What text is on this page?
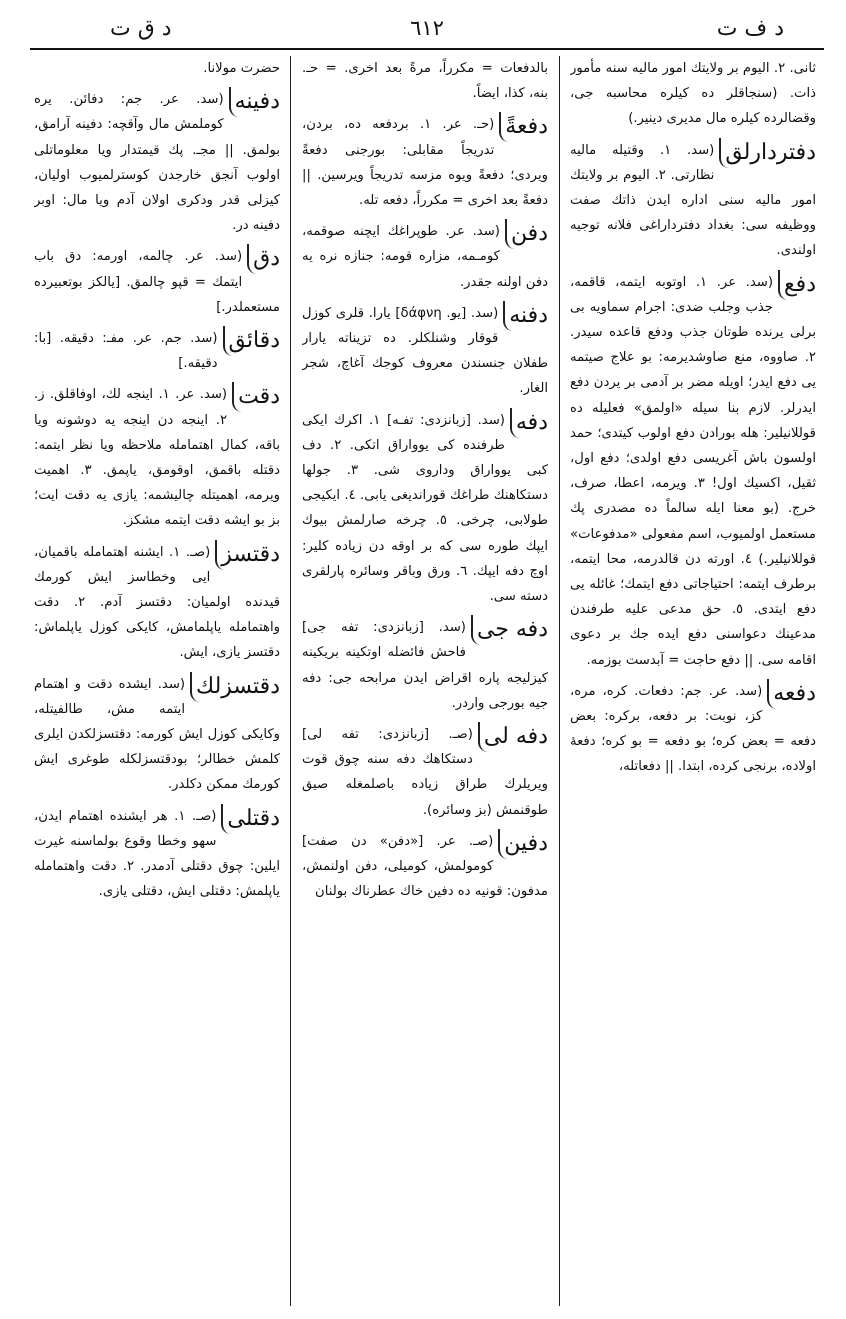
د ف ت
٦١٢
د ق ت
ثانی. ۲. الیوم بر ولایتك امور مالیه سنه مأمور ذات. (سنجاقلر ده كیلره محاسبه جی، وقضالرده كیلره مال مدیری دینیر.)
دفتردارلق
(سد. ۱. وقتیله مالیه نظارتی. ۲. الیوم بر ولایتك امور مالیه سنی اداره ایدن ذاتك صفت ووظیفه سی: بغداد دفترداراغی فلانه توجیه اولندی.
دفع
(سد. عر. ۱. اوتوبه ایتمه، قاقمه، جذب وجلب ضدی: اجرام سماویه بی برلی یرنده طوتان جذب ودفع قاعده سیدر. ۲. صاووه، منع صاوشدیرمه: بو علاج صیتمه یی دفع ایدر؛ اویله مضر بر آدمی بر یردن دفع ایدرلر. لازم بنا سیله «اولمق» فعلیله ده قوللانیلیر: هله بورادن دفع اولوب كیتدی؛ حمد اولسون باش آغریسی دفع اولدی؛ دفع اول، ثقیل، اكسیك اول! ۳. ویرمه، اعطا، صرف، خرج. (بو معنا ایله سالماً ده مصدری پك مستعمل اولمیوب، اسم مفعولی «مدفوعات» قوللانیلیر.) ٤. اورته دن قالدرمه، محا ایتمه، برطرف ایتمه: احتیاجاتی دفع ایتمك؛ غائله یی دفع ایتدی. ٥. حق مدعی علیه طرفندن مدعینك دعواسنی دفع ایده جك بر دعوی اقامه سی. || دفع حاجت = آبدست بوزمه.
دفعه
(سد. عر. جم: دفعات. كره، مره، كز، نوبت: بر دفعه، بركره: بعض دفعه = بعض كره؛ بو دفعه = بو كره؛ دفعهٔ اولاده، برنجی كرده، ابتدا. || دفعاتله،
بالدفعات = مكرراً، مرةً بعد اخری. = حـ. بنه، كذا، ایضاً.
دفعةً
(حـ. عر. ۱. بردفعه ده، بردن، تدریجاً مقابلی: بورجنی دفعةً ویردی؛ دفعةً ویوه مزسه تدریجاً ویرسین. || دفعةً بعد اخری = مكرراً، دفعه تله.
دفن
(سد. عر. طوپراغك ایچنه صوقمه، كومـمه، مزاره قومه: جنازه نره یه دفن اولنه جقدر.
دفنه
(سد. [یو. δάφνη] یارا. قلری كوزل قوقار وشنلكلر. ده تزیناته یارار طفلان جنسندن معروف كوجك آغاچ، شجر الغار.
دفه
(سد. [زبانزدی: تفـه] ۱. اكرك ایكی طرفنده كی یوواراق اتكی. ۲. دف كبی یوواراق وداروی شی. ۳. جولها دستكاهنك طراغك قوراندیغی یابی. ٤. ایكیجی طولابی، چرخی. ٥. چرخه صارلمش بیوك ایپك طوره سی كه بر اوقه دن زیاده كلیر: اوچ دفه ایپك. ٦. ورق وباقر وسائره پارلقری دسته سی.
دفه جی
(سد. [زبانزدی: تفه جی] فاحش فائضله اوتكینه بریكینه كیزلیجه پاره اقراض ایدن مرابحه جی: دفه جیه بورجی واردر.
دفه لی
(صـ. [زبانزدی: تفه لی] دستكاهك دفه سنه چوق قوت ویریلرك طراق زیاده باصلمغله صیق طوقنمش (بز وسائره).
دفین
(صـ. عر. [«دفن» دن صفت] كومولمش، كومیلی، دفن اولنمش، مدفون: قونیه ده دفین خاك عطرناك بولنان
حضرت مولانا.
دفینه
(سد. عر. جم: دفائن. یره كوملمش مال وآقچه: دفینه آرامق، بولمق. || مجـ. پك قیمتدار ویا معلوماتلی اولوب آنجق خارجدن كوسترلمیوب اولیان، كیزلی قدر ودكری اولان آدم ویا مال: اوبر دفینه در.
دق
(سد. عر. چالمه، اورمه: دق باب ایتمك = قپو چالمق. [یالكز بوتعبیرده مستعملدر.]
دقائق
(سد. جم. عر. مفـ: دقیقه. [با: دقیقه.]
دقت
(سد. عر. ۱. اینجه لك، اوفاقلق. ز. ۲. اینجه دن اینجه یه دوشونه ویا باقه، كمال اهتمامله ملاحظه ویا نظر ایتمه: دقتله باقمق، اوقومق، یاپمق. ۳. اهمیت ویرمه، اهمیتله چالیشمه: یازی یه دقت ایت؛ بز بو ایشه دقت ایتمه مشكز.
دقتسز
(صـ. ۱. ایشنه اهتمامله باقمیان، ایی وخطاسز ایش كورمك قیدنده اولمیان: دقتسز آدم. ۲. دقت واهتمامله یاپلمامش، كایكی كوزل یاپلماش: دقتسز یازی، ایش.
دقتسزلك
(سد. ایشده دقت و اهتمام ایتمه مش، طالفیتله، وكایكی كوزل ایش كورمه: دقتسزلكدن ایلری كلمش خطالر؛ بودقتسزلكله طوغری ایش كورمك ممكن دكلدر.
دقتلی
(صـ. ۱. هر ایشنده اهتمام ایدن، سهو وخطا وقوع بولماسنه غیرت ایلین: چوق دقتلی آدمدر. ۲. دقت واهتمامله یاپلمش: دقتلی ایش، دقتلی یازی.
